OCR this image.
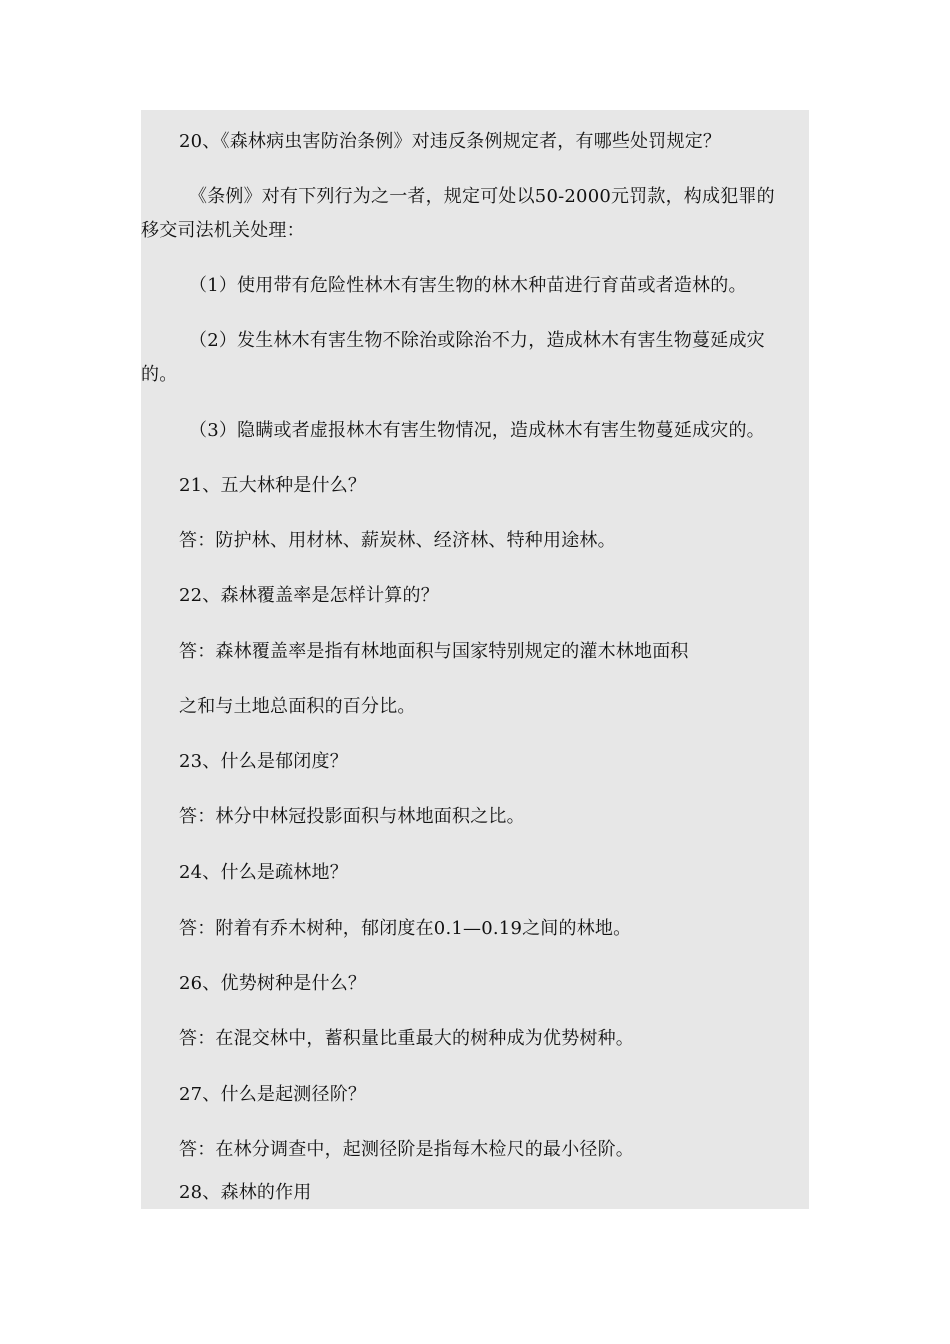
20、《森林病虫害防治条例》对违反条例规定者，有哪些处罚规定？
《条例》对有下列行为之一者，规定可处以50-2000元罚款，构成犯罪的
移交司法机关处理：
（1）使用带有危险性林木有害生物的林木种苗进行育苗或者造林的。
（2）发生林木有害生物不除治或除治不力，造成林木有害生物蔓延成灾
的。
（3）隐瞒或者虚报林木有害生物情况，造成林木有害生物蔓延成灾的。
21、五大林种是什么？
答：防护林、用材林、薪炭林、经济林、特种用途林。
22、森林覆盖率是怎样计算的？
答：森林覆盖率是指有林地面积与国家特别规定的灌木林地面积
之和与土地总面积的百分比。
23、什么是郁闭度？
答：林分中林冠投影面积与林地面积之比。
24、什么是疏林地？
答：附着有乔木树种，郁闭度在0.1—0.19之间的林地。
26、优势树种是什么？
答：在混交林中，蓄积量比重最大的树种成为优势树种。
27、什么是起测径阶？
答：在林分调查中，起测径阶是指每木检尺的最小径阶。
28、森林的作用
